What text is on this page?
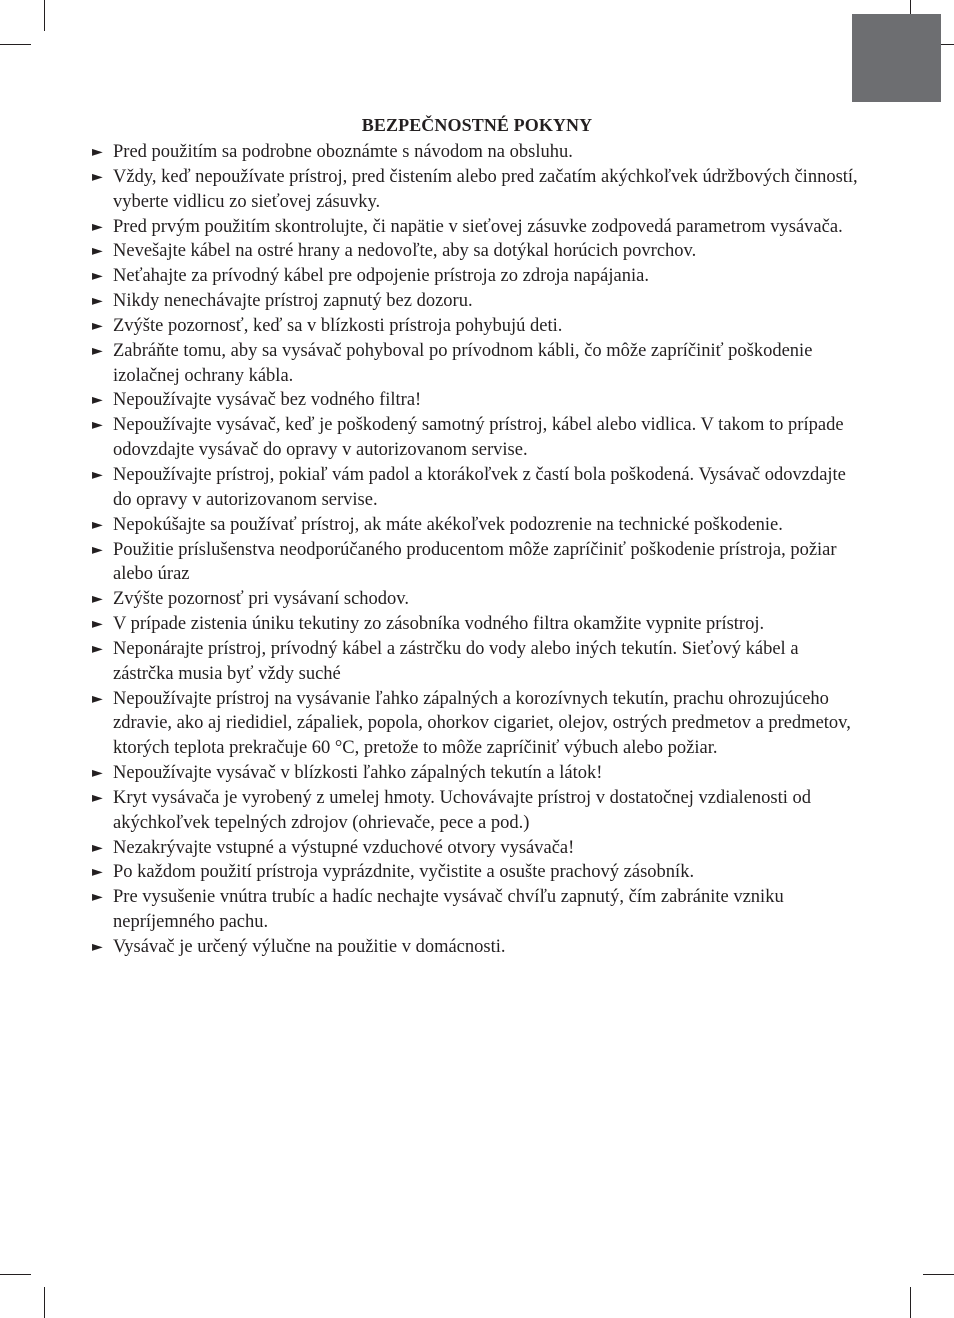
BEZPEČNOSTNÉ POKYNY
► Pred použitím sa podrobne oboznámte s návodom na obsluhu.
► Vždy, keď nepoužívate prístroj, pred čistením alebo pred začatím akýchkoľvek údržbových činností, vyberte vidlicu zo sieťovej zásuvky.
► Pred prvým použitím skontrolujte, či napätie v sieťovej zásuvke zodpovedá parametrom vysávača.
► Nevešajte kábel na ostré hrany a nedovoľte, aby sa dotýkal horúcich povrchov.
► Neťahajte za prívodný kábel pre odpojenie prístroja zo zdroja napájania.
► Nikdy nenechávajte prístroj zapnutý bez dozoru.
► Zvýšte pozornosť, keď sa v blízkosti prístroja pohybujú deti.
► Zabráňte tomu, aby sa vysávač pohyboval po prívodnom kábli, čo môže zapríčiniť poškodenie izolačnej ochrany kábla.
► Nepoužívajte vysávač bez vodného filtra!
► Nepoužívajte vysávač, keď je poškodený samotný prístroj, kábel alebo vidlica. V takom to prípade odovzdajte vysávač do opravy v autorizovanom servise.
► Nepoužívajte prístroj, pokiaľ vám padol a ktorákoľvek z častí bola poškodená. Vysávač odovzdajte do opravy v autorizovanom servise.
► Nepokúšajte sa používať prístroj, ak máte akékoľvek podozrenie na technické poškodenie.
► Použitie príslušenstva neodporúčaného producentom môže zapríčiniť poškodenie prístroja, požiar alebo úraz
► Zvýšte pozornosť pri vysávaní schodov.
► V prípade zistenia úniku tekutiny zo zásobníka vodného filtra okamžite vypnite prístroj.
► Neponárajte prístroj, prívodný kábel a zástrčku do vody alebo iných tekutín. Sieťový kábel a zástrčka musia byť vždy suché
► Nepoužívajte prístroj na vysávanie ľahko zápalných a korozívnych tekutín, prachu ohrozujúceho zdravie, ako aj riedidiel, zápaliek, popola, ohorkov cigariet, olejov, ostrých predmetov a predmetov, ktorých teplota prekračuje 60 °C, pretože to môže zapríčiniť výbuch alebo požiar.
► Nepoužívajte vysávač v blízkosti ľahko zápalných tekutín a látok!
► Kryt vysávača je vyrobený z umelej hmoty. Uchovávajte prístroj v dostatočnej vzdialenosti od akýchkoľvek tepelných zdrojov (ohrievače, pece a pod.)
► Nezakrývajte vstupné a výstupné vzduchové otvory vysávača!
► Po každom použití prístroja vyprázdnite, vyčistite a osušte prachový zásobník.
► Pre vysušenie vnútra trubíc a hadíc nechajte vysávač chvíľu zapnutý, čím zabránite vzniku nepríjemného pachu.
► Vysávač je určený výlučne na použitie v domácnosti.
